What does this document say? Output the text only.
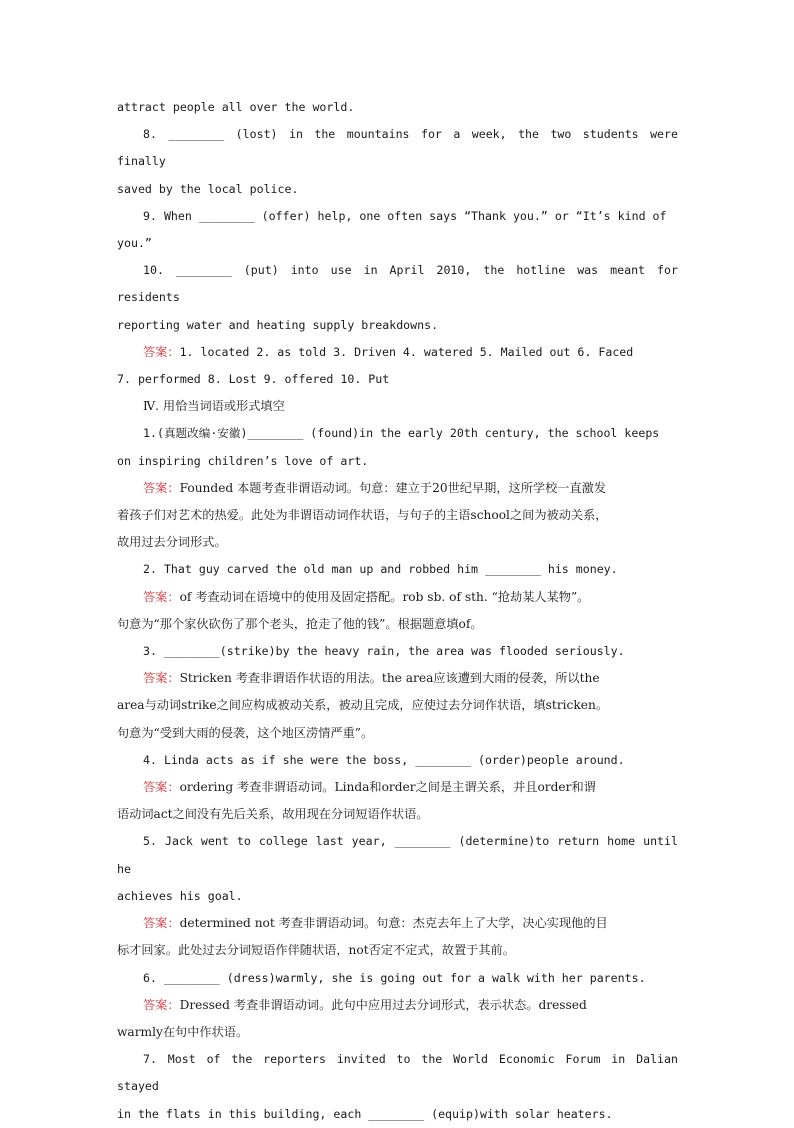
attract people all over the world.

8. ________ (lost) in the mountains for a week, the two students were finally

saved by the local police.

9. When ________ (offer) help, one often says “Thank you.” or “It’s kind of

you.”

10. ________ (put) into use in April 2010, the hotline was meant for residents

reporting water and heating supply breakdowns.

答案：1. located 2. as told 3. Driven 4. watered 5. Mailed out 6. Faced

7. performed 8. Lost 9. offered 10. Put

Ⅳ. 用恰当词语或形式填空

1.(真题改编·安徽)________ (found)in the early 20th century, the school keeps

on inspiring children’s love of art.

答案：Founded 本题考查非谓语动词。句意：建立于20世纪早期，这所学校一直激发

着孩子们对艺术的热爱。此处为非谓语动词作状语，与句子的主语school之间为被动关系，

故用过去分词形式。

2. That guy carved the old man up and robbed him ________ his money.

答案：of 考查动词在语境中的使用及固定搭配。rob sb. of sth. “抢劫某人某物”。

句意为“那个家伙砍伤了那个老头，抢走了他的钱”。根据题意填of。

3. ________(strike)by the heavy rain, the area was flooded seriously.

答案：Stricken 考查非谓语作状语的用法。the area应该遭到大雨的侵袭，所以the

area与动词strike之间应构成被动关系，被动且完成，应使过去分词作状语，填stricken。

句意为“受到大雨的侵袭，这个地区涝情严重”。

4. Linda acts as if she were the boss, ________ (order)people around.

答案：ordering 考查非谓语动词。Linda和order之间是主谓关系，并且order和谓

语动词act之间没有先后关系，故用现在分词短语作状语。

5. Jack went to college last year, ________ (determine)to return home until he

achieves his goal.

答案：determined not 考查非谓语动词。句意：杰克去年上了大学，决心实现他的目

标才回家。此处过去分词短语作伴随状语，not否定不定式，故置于其前。

6. ________ (dress)warmly, she is going out for a walk with her parents.

答案：Dressed 考查非谓语动词。此句中应用过去分词形式，表示状态。dressed

warmly在句中作状语。

7. Most of the reporters invited to the World Economic Forum in Dalian stayed

in the flats in this building, each ________ (equip)with solar heaters.
